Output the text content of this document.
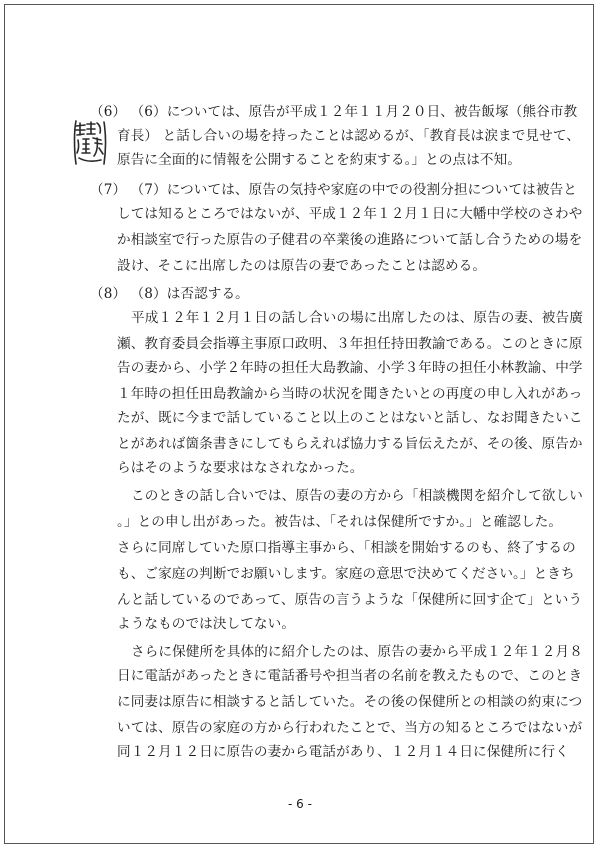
（6） （6）については、原告が平成１２年１１月２０日、被告飯塚（熊谷市教
育長） と話し合いの場を持ったことは認めるが、「教育長は涙まで見せて、
原告に全面的に情報を公開することを約束する。」との点は不知。
（7） （7）については、原告の気持や家庭の中での役割分担については被告と
しては知るところではないが、平成１２年１２月１日に大幡中学校のさわや
か相談室で行った原告の子健君の卒業後の進路について話し合うための場を
設け、そこに出席したのは原告の妻であったことは認める。
（8） （8）は否認する。
平成１２年１２月１日の話し合いの場に出席したのは、原告の妻、被告廣
瀬、教育委員会指導主事原口政明、３年担任持田教諭である。このときに原
告の妻から、小学２年時の担任大島教諭、小学３年時の担任小林教諭、中学
１年時の担任田島教諭から当時の状況を聞きたいとの再度の申し入れがあっ
たが、既に今まで話していること以上のことはないと話し、なお聞きたいこ
とがあれば箇条書きにしてもらえれば協力する旨伝えたが、その後、原告か
らはそのような要求はなされなかった。
このときの話し合いでは、原告の妻の方から「相談機関を紹介して欲しい
。」との申し出があった。被告は、「それは保健所ですか。」と確認した。
さらに同席していた原口指導主事から、「相談を開始するのも、終了するの
も、ご家庭の判断でお願いします。家庭の意思で決めてください。」ときち
んと話しているのであって、原告の言うような「保健所に回す企て」という
ようなものでは決してない。
さらに保健所を具体的に紹介したのは、原告の妻から平成１２年１２月８
日に電話があったときに電話番号や担当者の名前を教えたもので、このとき
に同妻は原告に相談すると話していた。その後の保健所との相談の約束につ
いては、原告の家庭の方から行われたことで、当方の知るところではないが
同１２月１２日に原告の妻から電話があり、１２月１４日に保健所に行く
- 6 -
